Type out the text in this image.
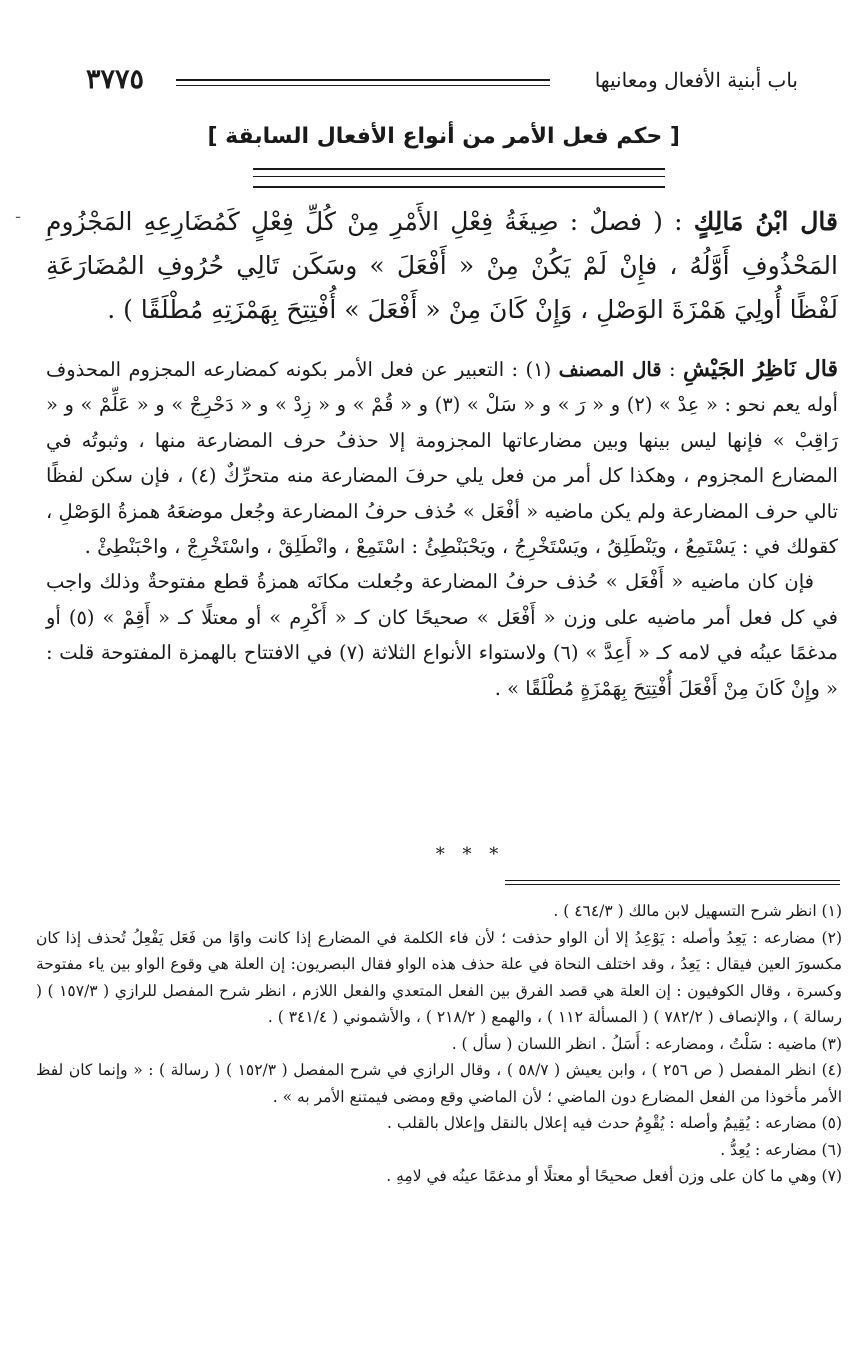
باب أبنية الأفعال ومعانيها
٣٧٧٥
[ حكم فعل الأمر من أنواع الأفعال السابقة ]
ـ	قال ابْنُ مَالِكٍ : ( فصلٌ : صِيغَةُ فِعْلِ الأَمْرِ مِنْ كُلِّ فِعْلٍ كَمُضَارِعِهِ المَجْزُومِ المَحْذُوفِ أَوَّلُهُ ، فإِنْ لَمْ يَكُنْ مِنْ « أَفْعَلَ » وسَكَن تَالِي حُرُوفِ المُضَارَعَةِ لَفْظًا أُولِيَ هَمْزَةَ الوَصْلِ ، وَإِنْ كَانَ مِنْ « أَفْعَلَ » أُفْتِتِحَ بِهَمْزَتِهِ مُطْلَقًا ) .

قال نَاظِرُ الجَيْشِ : قال المصنف (١) : التعبير عن فعل الأمر بكونه كمضارعه المجزوم المحذوف أوله يعم نحو : « عِدْ » (٢) و « رَ » و « سَلْ » (٣) و « قُمْ » و « زِدْ » و « دَحْرِجْ » و « عَلِّمْ » و « رَاقِبْ » فإنها ليس بينها وبين مضارعاتها المجزومة إلا حذفُ حرف المضارعة منها ، وثبوتُه في المضارع المجزوم ، وهكذا كل أمر من فعل يلي حرفَ المضارعة منه متحرِّكٌ (٤) ، فإن سكن لفظًا تالي حرف المضارعة ولم يكن ماضيه « أفْعَل » حُذف حرفُ المضارعة وجُعل موضعَهُ همزةُ الوَصْلِ ، كقولك في : يَسْتَمِعُ ، ويَنْطَلِقُ ، ويَسْتَخْرِجُ ، ويَحْبَنْطِئُ : اسْتَمِعْ ، وانْطَلِقْ ، واسْتَخْرِجْ ، واحْبَنْطِئْ .

فإن كان ماضيه « أَفْعَل » حُذف حرفُ المضارعة وجُعلت مكانَه همزةُ قطع مفتوحةٌ وذلك واجب في كل فعل أمر ماضيه على وزن « أَفْعَل » صحيحًا كان كـ « أَكْرِم » أو معتلًا كـ « أَقِمْ » (٥) أو مدغمًا عينُه في لامه كـ « أَعِدَّ » (٦) ولاستواء الأنواع الثلاثة (٧) في الافتتاح بالهمزة المفتوحة قلت : « وإِنْ كَانَ مِنْ أَفْعَلَ أُفْتِتِحَ بِهَمْزَةٍ مُطْلَقًا » .

* * *

(١) انظر شرح التسهيل لابن مالك ( ٤٦٤/٣ ) .

(٢) مضارعه : يَعِدُ وأصله : يَوْعِدُ إلا أن الواو حذفت ؛ لأن فاء الكلمة في المضارع إذا كانت واوًا من فَعَل يَفْعِلُ تُحذف إذا كان مكسورَ العين فيقال : يَعِدُ ، وقد اختلف النحاة في علة حذف هذه الواو فقال البصريون: إن العلة هي وقوع الواو بين ياء مفتوحة وكسرة ، وقال الكوفيون : إن العلة هي قصد الفرق بين الفعل المتعدي والفعل اللازم ، انظر شرح المفصل للرازي ( ١٥٧/٣ ) ( رسالة ) ، والإنصاف ( ٧٨٢/٢ ) ( المسألة ١١٢ ) ، والهمع ( ٢١٨/٢ ) ، والأشموني ( ٣٤١/٤ ) .

(٣) ماضيه : سَلْتُ ، ومضارعه : أَسَلُ . انظر اللسان ( سأل ) .

(٤) انظر المفصل ( ص ٢٥٦ ) ، وابن يعيش ( ٥٨/٧ ) ، وقال الرازي في شرح المفصل ( ١٥٢/٣ ) ( رسالة ) : « وإنما كان لفظ الأمر مأخوذا من الفعل المضارع دون الماضي ؛ لأن الماضي وقع ومضى فيمتنع الأمر به » .

(٥) مضارعه : يُقِيمُ وأصله : يُقْوِمُ حدث فيه إعلال بالنقل وإعلال بالقلب .

(٦) مضارعه : يُعِدُّ .

(٧) وهي ما كان على وزن أفعل صحيحًا أو معتلًا أو مدغمًا عينُه في لامِهِ .
